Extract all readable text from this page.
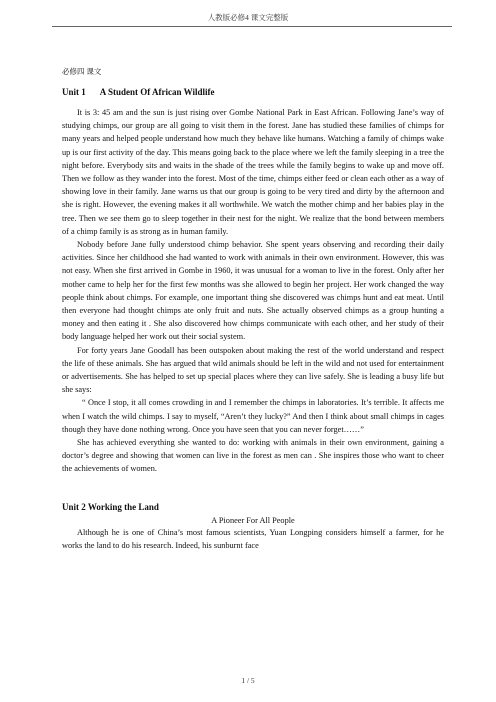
人教版必修4 课文完整版

必修四 课文

Unit 1 A Student Of African Wildlife

It is 3: 45 am and the sun is just rising over Gombe National Park in East African. Following Jane’s way of studying chimps, our group are all going to visit them in the forest. Jane has studied these families of chimps for many years and helped people understand how much they behave like humans. Watching a family of chimps wake up is our first activity of the day. This means going back to the place where we left the family sleeping in a tree the night before. Everybody sits and waits in the shade of the trees while the family begins to wake up and move off. Then we follow as they wander into the forest. Most of the time, chimps either feed or clean each other as a way of showing love in their family. Jane warns us that our group is going to be very tired and dirty by the afternoon and she is right. However, the evening makes it all worthwhile. We watch the mother chimp and her babies play in the tree. Then we see them go to sleep together in their nest for the night. We realize that the bond between members of a chimp family is as strong as in human family.

Nobody before Jane fully understood chimp behavior. She spent years observing and recording their daily activities. Since her childhood she had wanted to work with animals in their own environment. However, this was not easy. When she first arrived in Gombe in 1960, it was unusual for a woman to live in the forest. Only after her mother came to help her for the first few months was she allowed to begin her project. Her work changed the way people think about chimps. For example, one important thing she discovered was chimps hunt and eat meat. Until then everyone had thought chimps ate only fruit and nuts. She actually observed chimps as a group hunting a money and then eating it . She also discovered how chimps communicate with each other, and her study of their body language helped her work out their social system.

For forty years Jane Goodall has been outspoken about making the rest of the world understand and respect the life of these animals. She has argued that wild animals should be left in the wild and not used for entertainment or advertisements. She has helped to set up special places where they can live safely. She is leading a busy life but she says:

“ Once I stop, it all comes crowding in and I remember the chimps in laboratories. It’s terrible. It affects me when I watch the wild chimps. I say to myself, “Aren’t they lucky?” And then I think about small chimps in cages though they have done nothing wrong. Once you have seen that you can never forget……”

She has achieved everything she wanted to do: working with animals in their own environment, gaining a doctor’s degree and showing that women can live in the forest as men can . She inspires those who want to cheer the achievements of women.

Unit 2 Working the Land

A Pioneer For All People

Although he is one of China’s most famous scientists, Yuan Longping considers himself a farmer, for he works the land to do his research. Indeed, his sunburnt face

1 / 5
